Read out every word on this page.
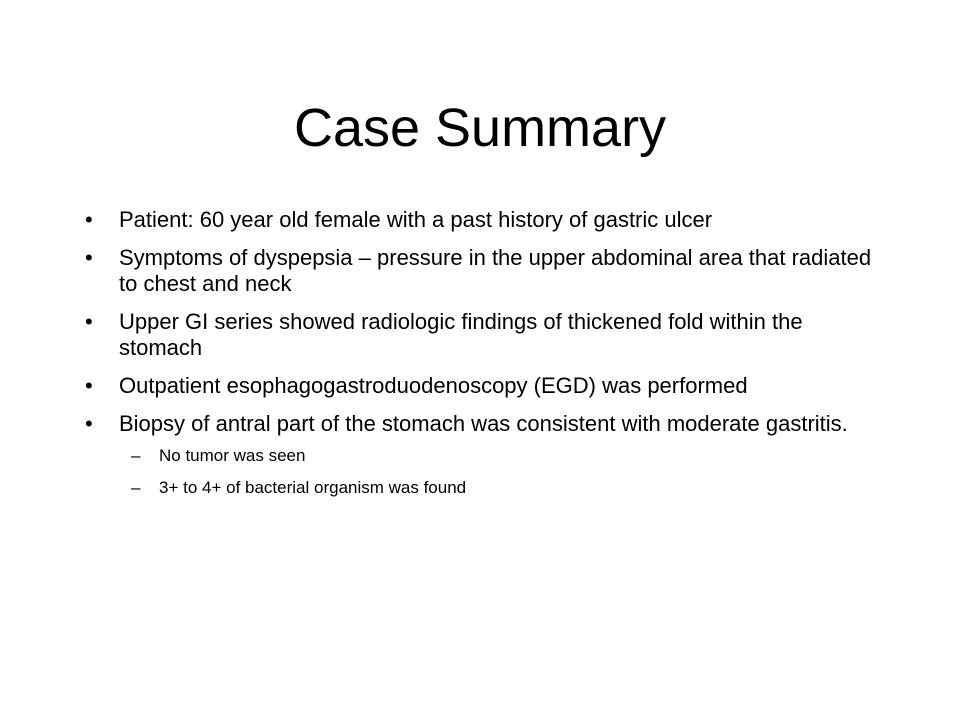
Case Summary
• Patient: 60 year old female with a past history of gastric ulcer
• Symptoms of dyspepsia – pressure in the upper abdominal area that radiated to chest and neck
• Upper GI series showed radiologic findings of thickened fold within the stomach
• Outpatient esophagogastroduodenoscopy (EGD) was performed
• Biopsy of antral part of the stomach was consistent with moderate gastritis.
– No tumor was seen
– 3+ to 4+ of bacterial organism was found
